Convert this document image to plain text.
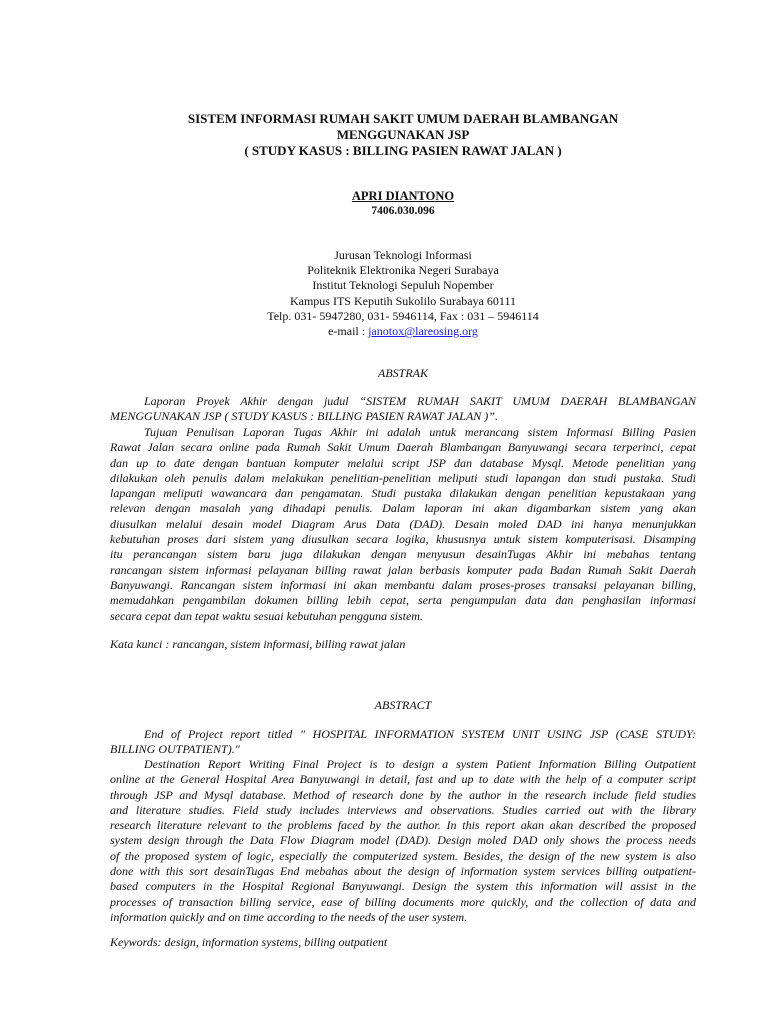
SISTEM INFORMASI RUMAH SAKIT UMUM DAERAH BLAMBANGAN
MENGGUNAKAN JSP
( STUDY KASUS : BILLING PASIEN RAWAT JALAN )
APRI DIANTONO
7406.030.096
Jurusan Teknologi Informasi
Politeknik Elektronika Negeri Surabaya
Institut Teknologi Sepuluh Nopember
Kampus ITS Keputih Sukolilo Surabaya 60111
Telp. 031- 5947280, 031- 5946114, Fax : 031 – 5946114
e-mail : janotox@lareosing.org
ABSTRAK
Laporan Proyek Akhir dengan judul “SISTEM RUMAH SAKIT UMUM DAERAH BLAMBANGAN
MENGGUNAKAN JSP ( STUDY KASUS : BILLING PASIEN RAWAT JALAN )”.
Tujuan Penulisan Laporan Tugas Akhir ini adalah untuk merancang sistem Informasi Billing Pasien
Rawat Jalan secara online pada Rumah Sakit Umum Daerah Blambangan Banyuwangi secara terperinci, cepat
dan up to date dengan bantuan komputer melalui script JSP dan database Mysql. Metode penelitian yang
dilakukan oleh penulis dalam melakukan penelitian-penelitian meliputi studi lapangan dan studi pustaka. Studi
lapangan meliputi wawancara dan pengamatan. Studi pustaka dilakukan dengan penelitian kepustakaan yang
relevan dengan masalah yang dihadapi penulis. Dalam laporan ini akan digambarkan sistem yang akan
diusulkan melalui desain model Diagram Arus Data (DAD). Desain moled DAD ini hanya menunjukkan
kebutuhan proses dari sistem yang diusulkan secara logika, khususnya untuk sistem komputerisasi. Disamping
itu perancangan sistem baru juga dilakukan dengan menyusun desainTugas Akhir ini mebahas tentang
rancangan sistem informasi pelayanan billing rawat jalan berbasis komputer pada Badan Rumah Sakit Daerah
Banyuwangi. Rancangan sistem informasi ini akan membantu dalam proses-proses transaksi pelayanan billing,
memudahkan pengambilan dokumen billing lebih cepat, serta pengumpulan data dan penghasilan informasi
secara cepat dan tepat waktu sesuai kebutuhan pengguna sistem.
Kata kunci : rancangan, sistem informasi, billing rawat jalan
ABSTRACT
End of Project report titled " HOSPITAL INFORMATION SYSTEM UNIT USING JSP (CASE STUDY:
BILLING OUTPATIENT)."
Destination Report Writing Final Project is to design a system Patient Information Billing Outpatient
online at the General Hospital Area Banyuwangi in detail, fast and up to date with the help of a computer script
through JSP and Mysql database. Method of research done by the author in the research include field studies
and literature studies. Field study includes interviews and observations. Studies carried out with the library
research literature relevant to the problems faced by the author. In this report akan akan described the proposed
system design through the Data Flow Diagram model (DAD). Design moled DAD only shows the process needs
of the proposed system of logic, especially the computerized system. Besides, the design of the new system is also
done with this sort desainTugas End mebahas about the design of information system services billing outpatient-
based computers in the Hospital Regional Banyuwangi. Design the system this information will assist in the
processes of transaction billing service, ease of billing documents more quickly, and the collection of data and
information quickly and on time according to the needs of the user system.
Keywords: design, information systems, billing outpatient
